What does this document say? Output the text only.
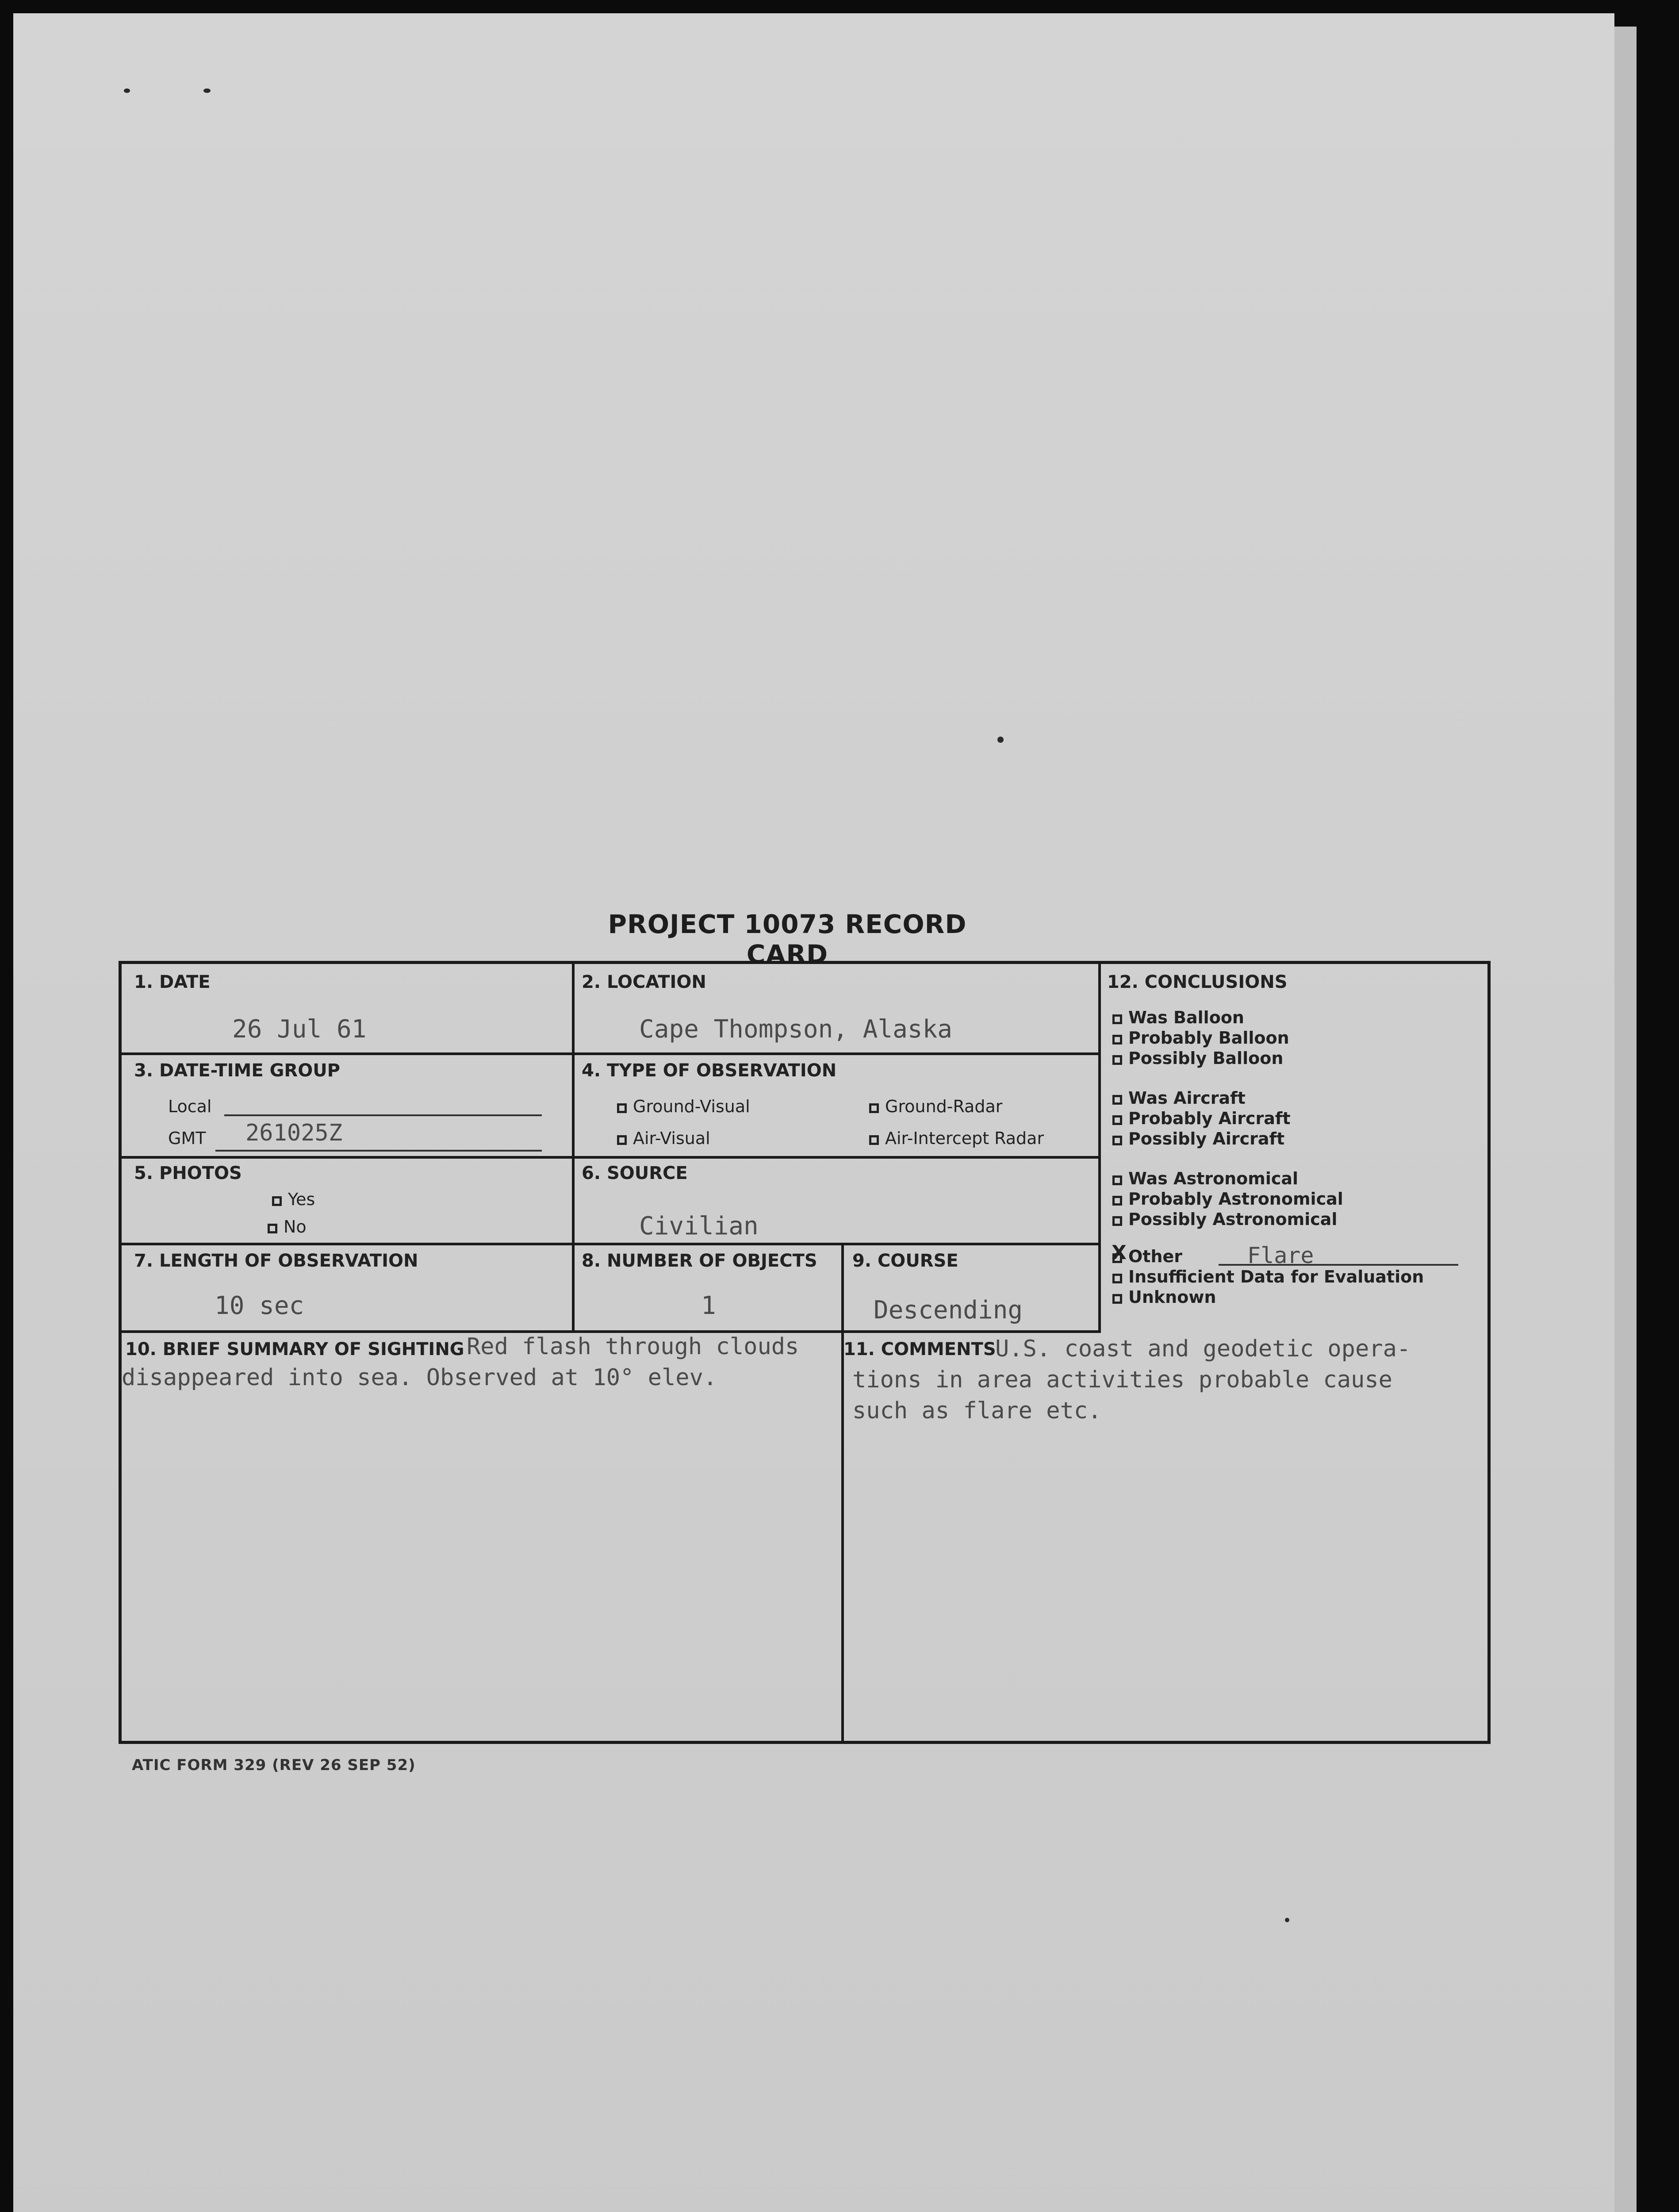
PROJECT 10073 RECORD CARD
1. DATE
26 Jul 61
2. LOCATION
Cape Thompson, Alaska
3. DATE-TIME GROUP
Local
GMT 261025Z
4. TYPE OF OBSERVATION
Ground-Visual	Ground-Radar
Air-Visual	Air-Intercept Radar
5. PHOTOS
Yes
No
6. SOURCE
Civilian
7. LENGTH OF OBSERVATION
10 sec
8. NUMBER OF OBJECTS
1
9. COURSE
Descending
10. BRIEF SUMMARY OF SIGHTING Red flash through clouds
disappeared into sea. Observed at 10° elev.
11. COMMENTS
U.S. coast and geodetic opera-
tions in area activities probable cause
such as flare etc.
12. CONCLUSIONS
Was Balloon
Probably Balloon
Possibly Balloon
Was Aircraft
Probably Aircraft
Possibly Aircraft
Was Astronomical
Probably Astronomical
Possibly Astronomical
X Other	Flare
Insufficient Data for Evaluation
Unknown
ATIC FORM 329 (REV 26 SEP 52)
